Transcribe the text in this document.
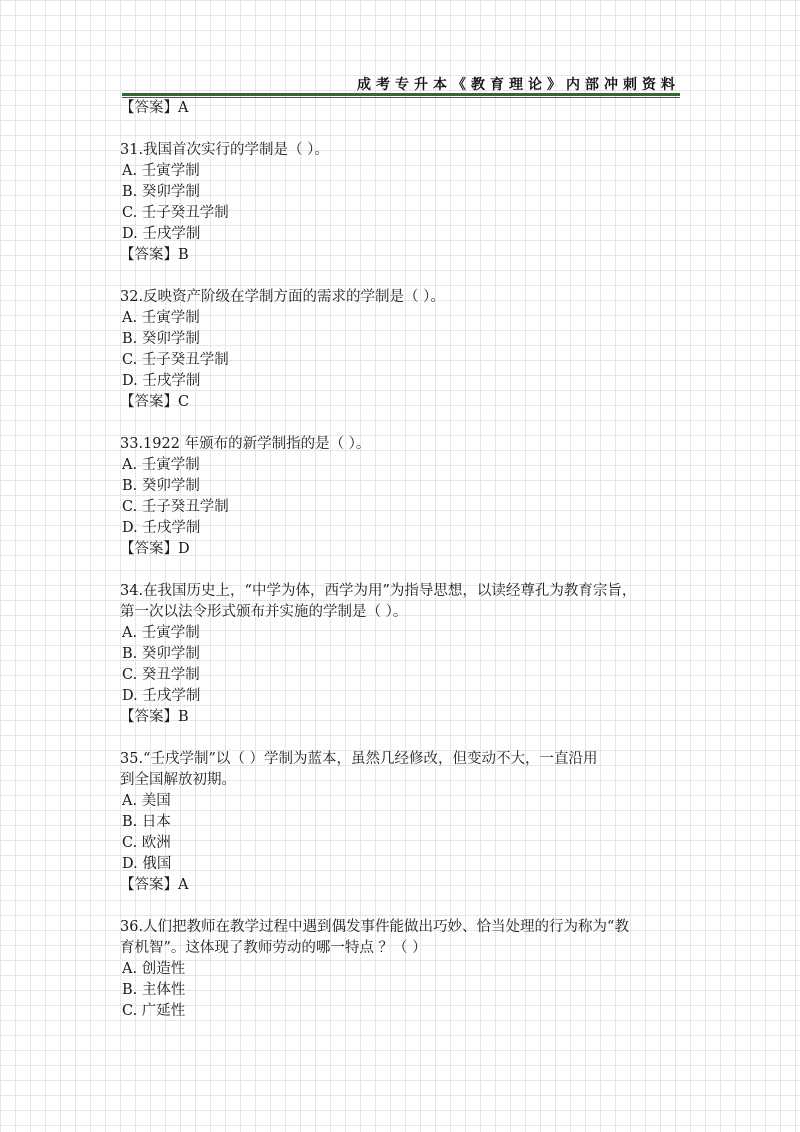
成考专升本《教育理论》内部冲刺资料
【答案】A
31.我国首次实行的学制是（ ）。
A. 壬寅学制
B. 癸卯学制
C. 壬子癸丑学制
D. 壬戌学制
【答案】B
32.反映资产阶级在学制方面的需求的学制是（ ）。
A. 壬寅学制
B. 癸卯学制
C. 壬子癸丑学制
D. 壬戌学制
【答案】C
33.1922 年颁布的新学制指的是（ ）。
A. 壬寅学制
B. 癸卯学制
C. 壬子癸丑学制
D. 壬戌学制
【答案】D
34.在我国历史上，“中学为体，西学为用”为指导思想，以读经尊孔为教育宗旨，
第一次以法令形式颁布并实施的学制是（ ）。
A. 壬寅学制
B. 癸卯学制
C. 癸丑学制
D. 壬戌学制
【答案】B
35.“壬戌学制”以（ ）学制为蓝本，虽然几经修改，但变动不大，一直沿用
到全国解放初期。
A. 美国
B. 日本
C. 欧洲
D. 俄国
【答案】A
36.人们把教师在教学过程中遇到偶发事件能做出巧妙、恰当处理的行为称为“教
育机智”。这体现了教师劳动的哪一特点 ？（ ）
A. 创造性
B. 主体性
C. 广延性
